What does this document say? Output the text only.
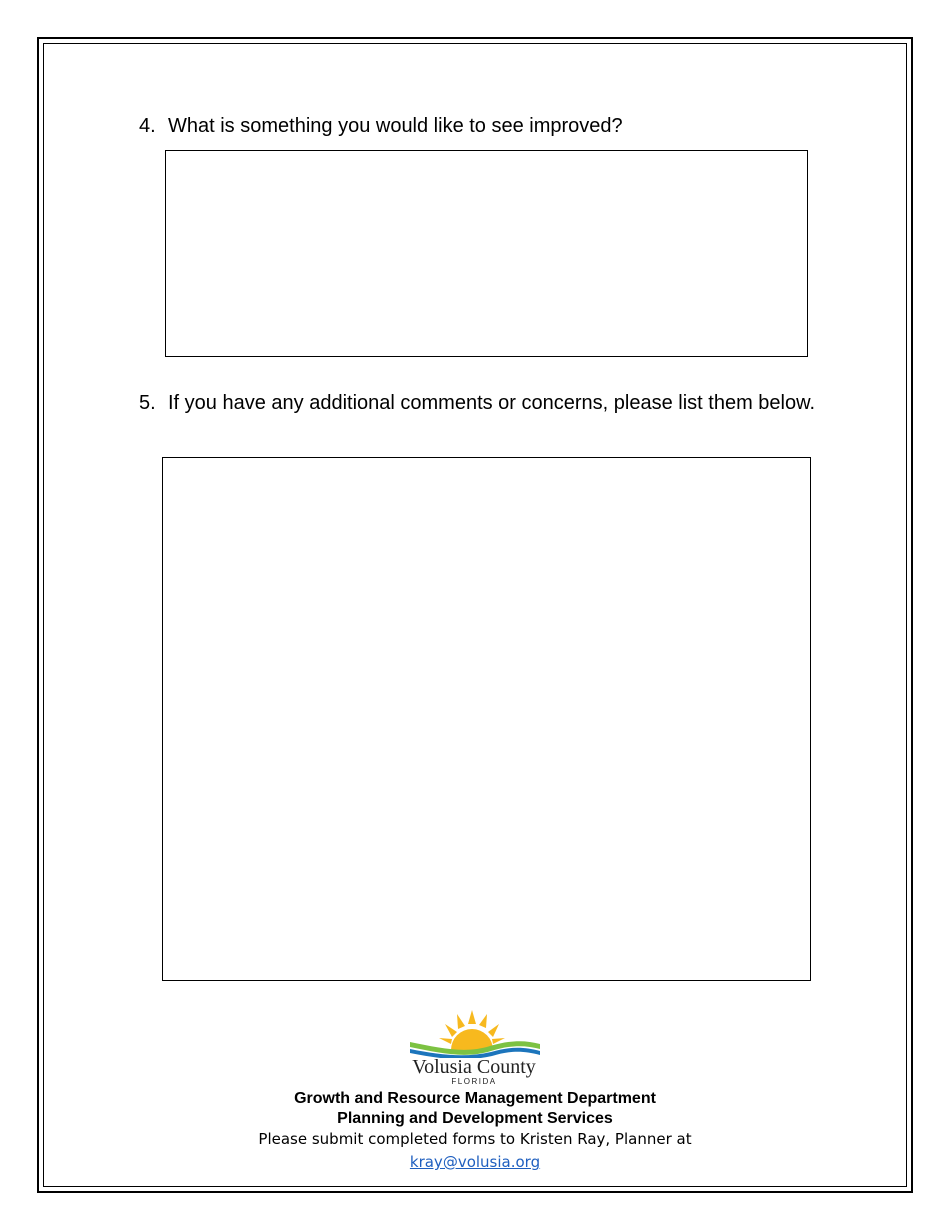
4. What is something you would like to see improved?
5. If you have any additional comments or concerns, please list them below.
Volusia County
FLORIDA
Growth and Resource Management Department
Planning and Development Services
Please submit completed forms to Kristen Ray, Planner at
kray@volusia.org
